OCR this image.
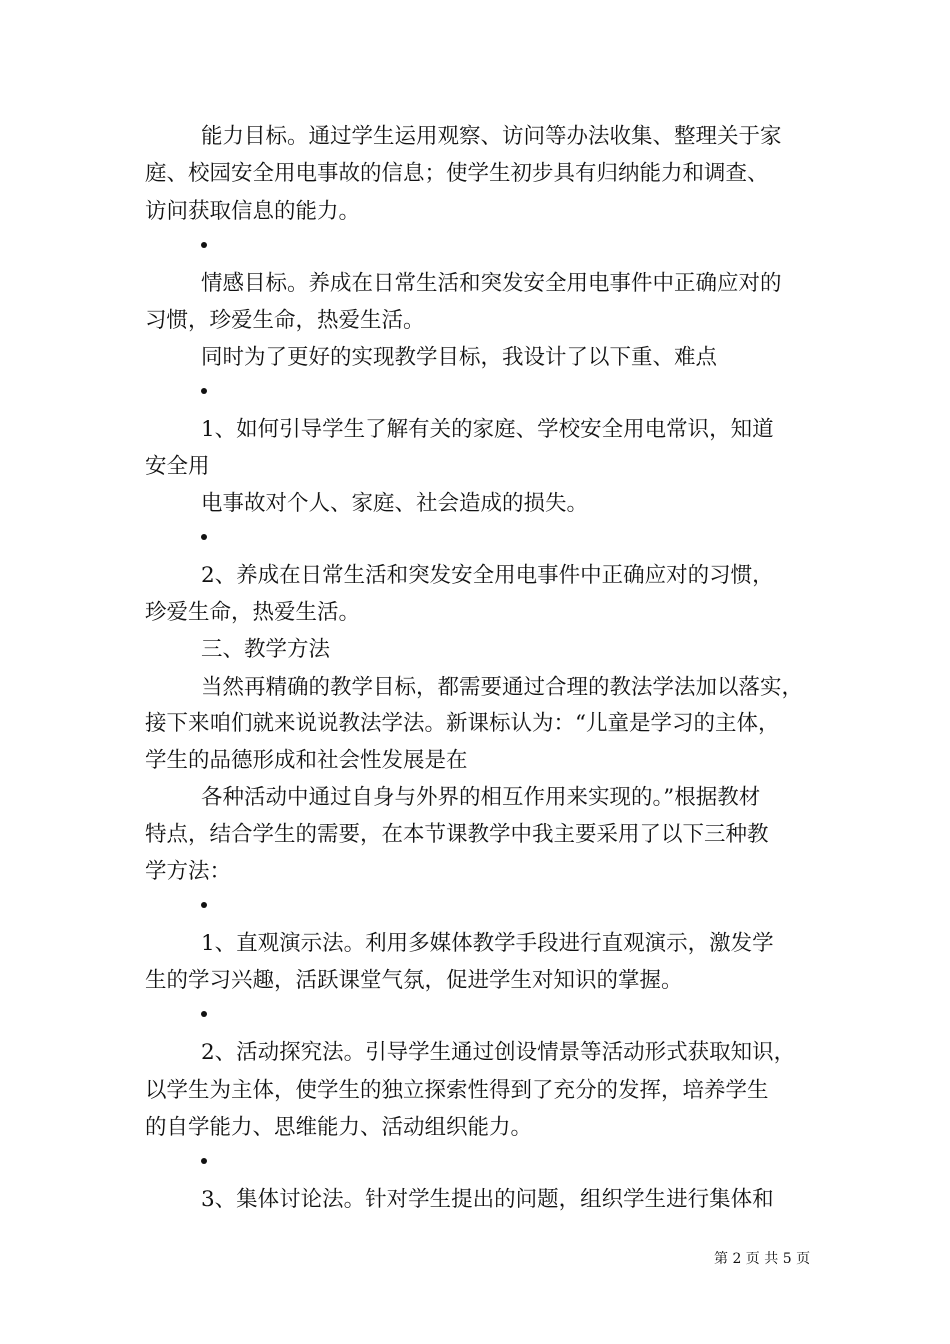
能力目标。通过学生运用观察、访问等办法收集、整理关于家
庭、校园安全用电事故的信息；使学生初步具有归纳能力和调查、
访问获取信息的能力。
情感目标。养成在日常生活和突发安全用电事件中正确应对的
习惯，珍爱生命，热爱生活。
同时为了更好的实现教学目标，我设计了以下重、难点
1、如何引导学生了解有关的家庭、学校安全用电常识，知道
安全用
电事故对个人、家庭、社会造成的损失。
2、养成在日常生活和突发安全用电事件中正确应对的习惯，
珍爱生命，热爱生活。
三、教学方法
当然再精确的教学目标，都需要通过合理的教法学法加以落实，
接下来咱们就来说说教法学法。新课标认为：“儿童是学习的主体，
学生的品德形成和社会性发展是在
各种活动中通过自身与外界的相互作用来实现的。”根据教材
特点，结合学生的需要，在本节课教学中我主要采用了以下三种教
学方法：
1、直观演示法。利用多媒体教学手段进行直观演示，激发学
生的学习兴趣，活跃课堂气氛，促进学生对知识的掌握。
2、活动探究法。引导学生通过创设情景等活动形式获取知识，
以学生为主体，使学生的独立探索性得到了充分的发挥，培养学生
的自学能力、思维能力、活动组织能力。
3、集体讨论法。针对学生提出的问题，组织学生进行集体和
第 2 页 共 5 页
